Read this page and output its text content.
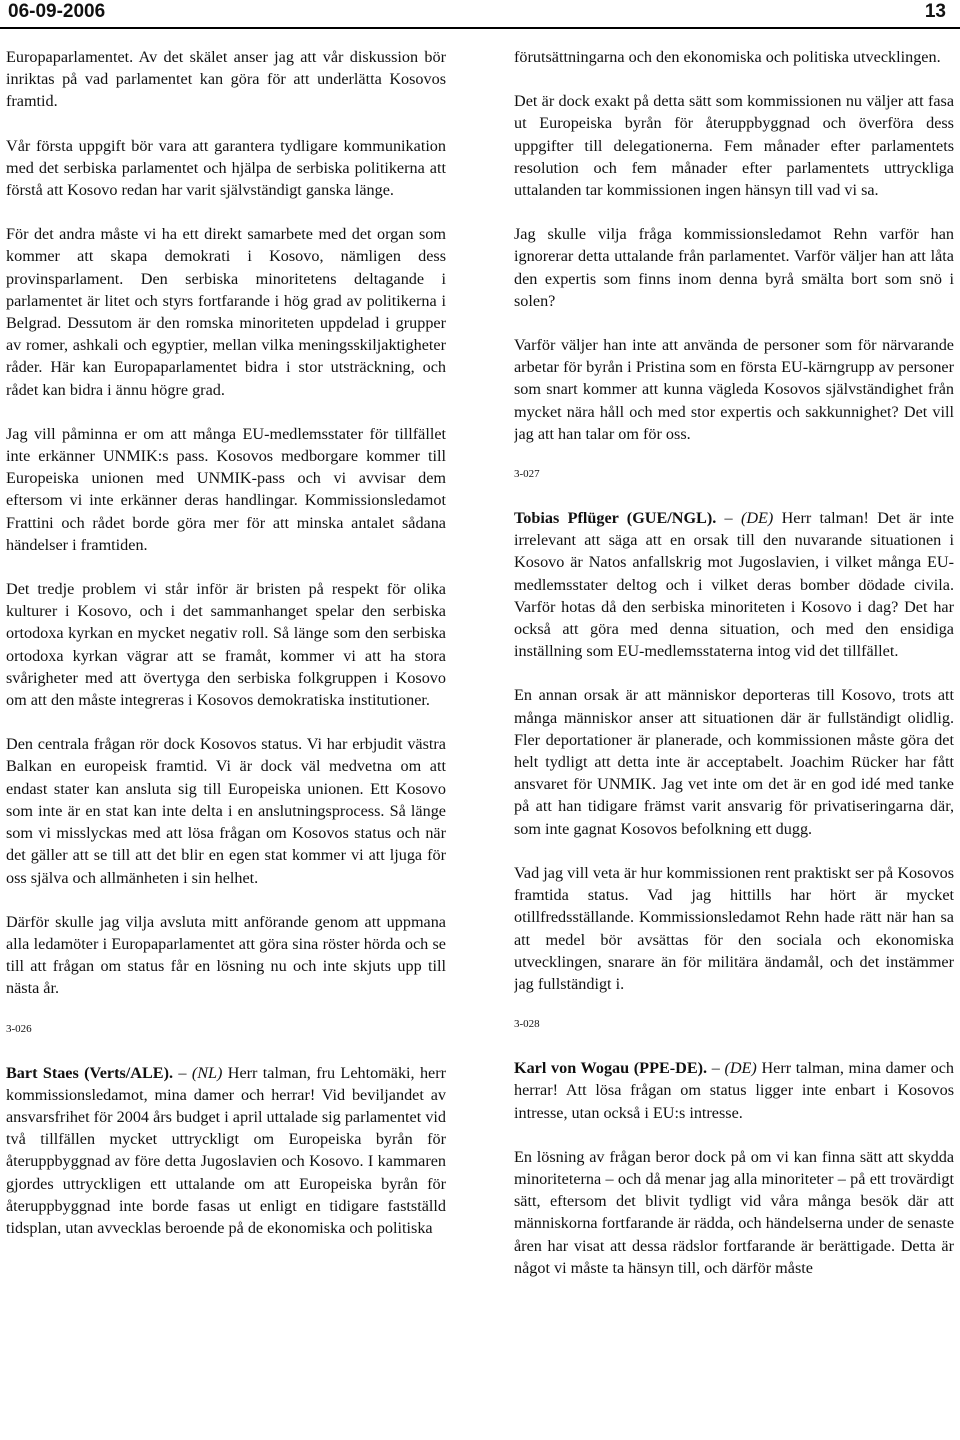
06-09-2006	13

Europaparlamentet. Av det skälet anser jag att vår diskussion bör inriktas på vad parlamentet kan göra för att underlätta Kosovos framtid.

Vår första uppgift bör vara att garantera tydligare kommunikation med det serbiska parlamentet och hjälpa de serbiska politikerna att förstå att Kosovo redan har varit självständigt ganska länge.

För det andra måste vi ha ett direkt samarbete med det organ som kommer att skapa demokrati i Kosovo, nämligen dess provinsparlament. Den serbiska minoritetens deltagande i parlamentet är litet och styrs fortfarande i hög grad av politikerna i Belgrad. Dessutom är den romska minoriteten uppdelad i grupper av romer, ashkali och egyptier, mellan vilka meningsskiljaktigheter råder. Här kan Europaparlamentet bidra i stor utsträckning, och rådet kan bidra i ännu högre grad.

Jag vill påminna er om att många EU-medlemsstater för tillfället inte erkänner UNMIK:s pass. Kosovos medborgare kommer till Europeiska unionen med UNMIK-pass och vi avvisar dem eftersom vi inte erkänner deras handlingar. Kommissionsledamot Frattini och rådet borde göra mer för att minska antalet sådana händelser i framtiden.

Det tredje problem vi står inför är bristen på respekt för olika kulturer i Kosovo, och i det sammanhanget spelar den serbiska ortodoxa kyrkan en mycket negativ roll. Så länge som den serbiska ortodoxa kyrkan vägrar att se framåt, kommer vi att ha stora svårigheter med att övertyga den serbiska folkgruppen i Kosovo om att den måste integreras i Kosovos demokratiska institutioner.

Den centrala frågan rör dock Kosovos status. Vi har erbjudit västra Balkan en europeisk framtid. Vi är dock väl medvetna om att endast stater kan ansluta sig till Europeiska unionen. Ett Kosovo som inte är en stat kan inte delta i en anslutningsprocess. Så länge som vi misslyckas med att lösa frågan om Kosovos status och när det gäller att se till att det blir en egen stat kommer vi att ljuga för oss själva och allmänheten i sin helhet.

Därför skulle jag vilja avsluta mitt anförande genom att uppmana alla ledamöter i Europaparlamentet att göra sina röster hörda och se till att frågan om status får en lösning nu och inte skjuts upp till nästa år.

3-026

Bart Staes (Verts/ALE). – (NL) Herr talman, fru Lehtomäki, herr kommissionsledamot, mina damer och herrar! Vid beviljandet av ansvarsfrihet för 2004 års budget i april uttalade sig parlamentet vid två tillfällen mycket uttryckligt om Europeiska byrån för återuppbyggnad av före detta Jugoslavien och Kosovo. I kammaren gjordes uttryckligen ett uttalande om att Europeiska byrån för återuppbyggnad inte borde fasas ut enligt en tidigare fastställd tidsplan, utan avvecklas beroende på de ekonomiska och politiska

förutsättningarna och den ekonomiska och politiska utvecklingen.

Det är dock exakt på detta sätt som kommissionen nu väljer att fasa ut Europeiska byrån för återuppbyggnad och överföra dess uppgifter till delegationerna. Fem månader efter parlamentets resolution och fem månader efter parlamentets uttryckliga uttalanden tar kommissionen ingen hänsyn till vad vi sa.

Jag skulle vilja fråga kommissionsledamot Rehn varför han ignorerar detta uttalande från parlamentet. Varför väljer han att låta den expertis som finns inom denna byrå smälta bort som snö i solen?

Varför väljer han inte att använda de personer som för närvarande arbetar för byrån i Pristina som en första EU-kärngrupp av personer som snart kommer att kunna vägleda Kosovos självständighet från mycket nära håll och med stor expertis och sakkunnighet? Det vill jag att han talar om för oss.

3-027

Tobias Pflüger (GUE/NGL). – (DE) Herr talman! Det är inte irrelevant att säga att en orsak till den nuvarande situationen i Kosovo är Natos anfallskrig mot Jugoslavien, i vilket många EU-medlemsstater deltog och i vilket deras bomber dödade civila. Varför hotas då den serbiska minoriteten i Kosovo i dag? Det har också att göra med denna situation, och med den ensidiga inställning som EU-medlemsstaterna intog vid det tillfället.

En annan orsak är att människor deporteras till Kosovo, trots att många människor anser att situationen där är fullständigt olidlig. Fler deportationer är planerade, och kommissionen måste göra det helt tydligt att detta inte är acceptabelt. Joachim Rücker har fått ansvaret för UNMIK. Jag vet inte om det är en god idé med tanke på att han tidigare främst varit ansvarig för privatiseringarna där, som inte gagnat Kosovos befolkning ett dugg.

Vad jag vill veta är hur kommissionen rent praktiskt ser på Kosovos framtida status. Vad jag hittills har hört är mycket otillfredsställande. Kommissionsledamot Rehn hade rätt när han sa att medel bör avsättas för den sociala och ekonomiska utvecklingen, snarare än för militära ändamål, och det instämmer jag fullständigt i.

3-028

Karl von Wogau (PPE-DE). – (DE) Herr talman, mina damer och herrar! Att lösa frågan om status ligger inte enbart i Kosovos intresse, utan också i EU:s intresse.

En lösning av frågan beror dock på om vi kan finna sätt att skydda minoriteterna – och då menar jag alla minoriteter – på ett trovärdigt sätt, eftersom det blivit tydligt vid våra många besök där att människorna fortfarande är rädda, och händelserna under de senaste åren har visat att dessa rädslor fortfarande är berättigade. Detta är något vi måste ta hänsyn till, och därför måste
